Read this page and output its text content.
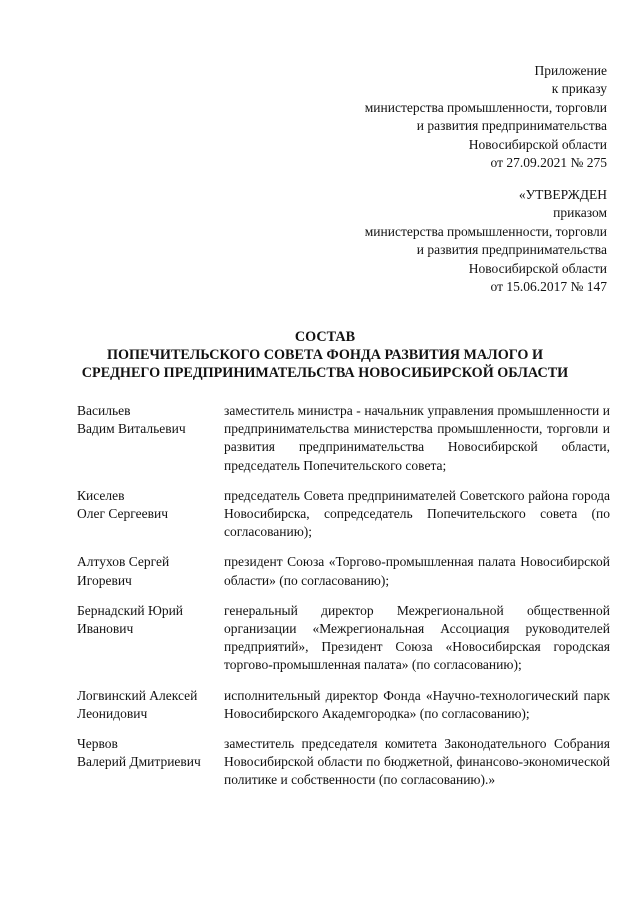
Приложение
к приказу
министерства промышленности, торговли
и развития предпринимательства
Новосибирской области
от 27.09.2021 № 275
«УТВЕРЖДЕН
приказом
министерства промышленности, торговли
и развития предпринимательства
Новосибирской области
от 15.06.2017 № 147
СОСТАВ
ПОПЕЧИТЕЛЬСКОГО СОВЕТА ФОНДА РАЗВИТИЯ МАЛОГО И
СРЕДНЕГО ПРЕДПРИНИМАТЕЛЬСТВА НОВОСИБИРСКОЙ ОБЛАСТИ
Васильев
Вадим Витальевич
заместитель министра - начальник управления промышленности и предпринимательства министерства промышленности, торговли и развития предпринимательства Новосибирской области, председатель Попечительского совета;
Киселев
Олег Сергеевич
председатель Совета предпринимателей Советского района города Новосибирска, сопредседатель Попечительского совета (по согласованию);
Алтухов Сергей
Игоревич
президент Союза «Торгово-промышленная палата Новосибирской области» (по согласованию);
Бернадский Юрий
Иванович
генеральный директор Межрегиональной общественной организации «Межрегиональная Ассоциация руководителей предприятий», Президент Союза «Новосибирская городская торгово-промышленная палата» (по согласованию);
Логвинский Алексей
Леонидович
исполнительный директор Фонда «Научно-технологический парк Новосибирского Академгородка» (по согласованию);
Червов
Валерий Дмитриевич
заместитель председателя комитета Законодательного Собрания Новосибирской области по бюджетной, финансово-экономической политике и собственности (по согласованию).»
